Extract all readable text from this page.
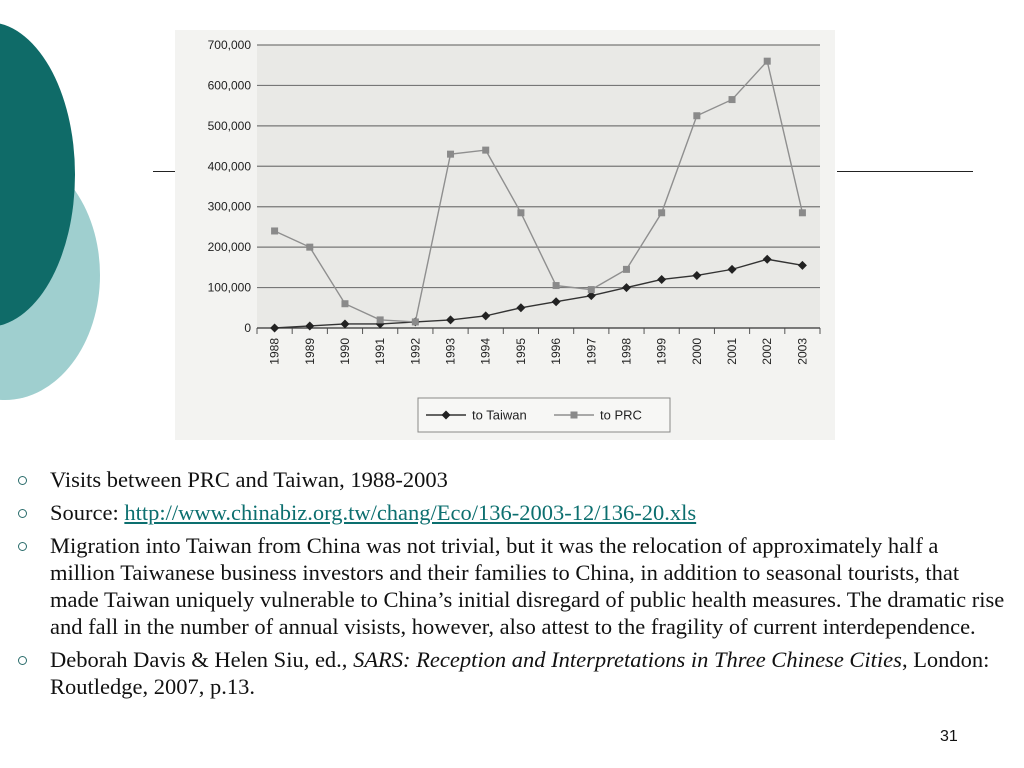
0
100,000
200,000
300,000
400,000
500,000
600,000
700,000
1988 1989 1990 1991 1992 1993 1994 1995 1996 1997 1998 1999 2000 2001 2002 2003
to Taiwan	to PRC
Visits between PRC and Taiwan, 1988-2003
Source: http://www.chinabiz.org.tw/chang/Eco/136-2003-12/136-20.xls
Migration into Taiwan from China was not trivial, but it was the relocation of approximately half a million Taiwanese business investors and their families to China, in addition to seasonal tourists, that made Taiwan uniquely vulnerable to China’s initial disregard of public health measures. The dramatic rise and fall in the number of annual visists, however, also attest to the fragility of current interdependence.
Deborah Davis & Helen Siu, ed., SARS: Reception and Interpretations in Three Chinese Cities, London: Routledge, 2007, p.13.
31
